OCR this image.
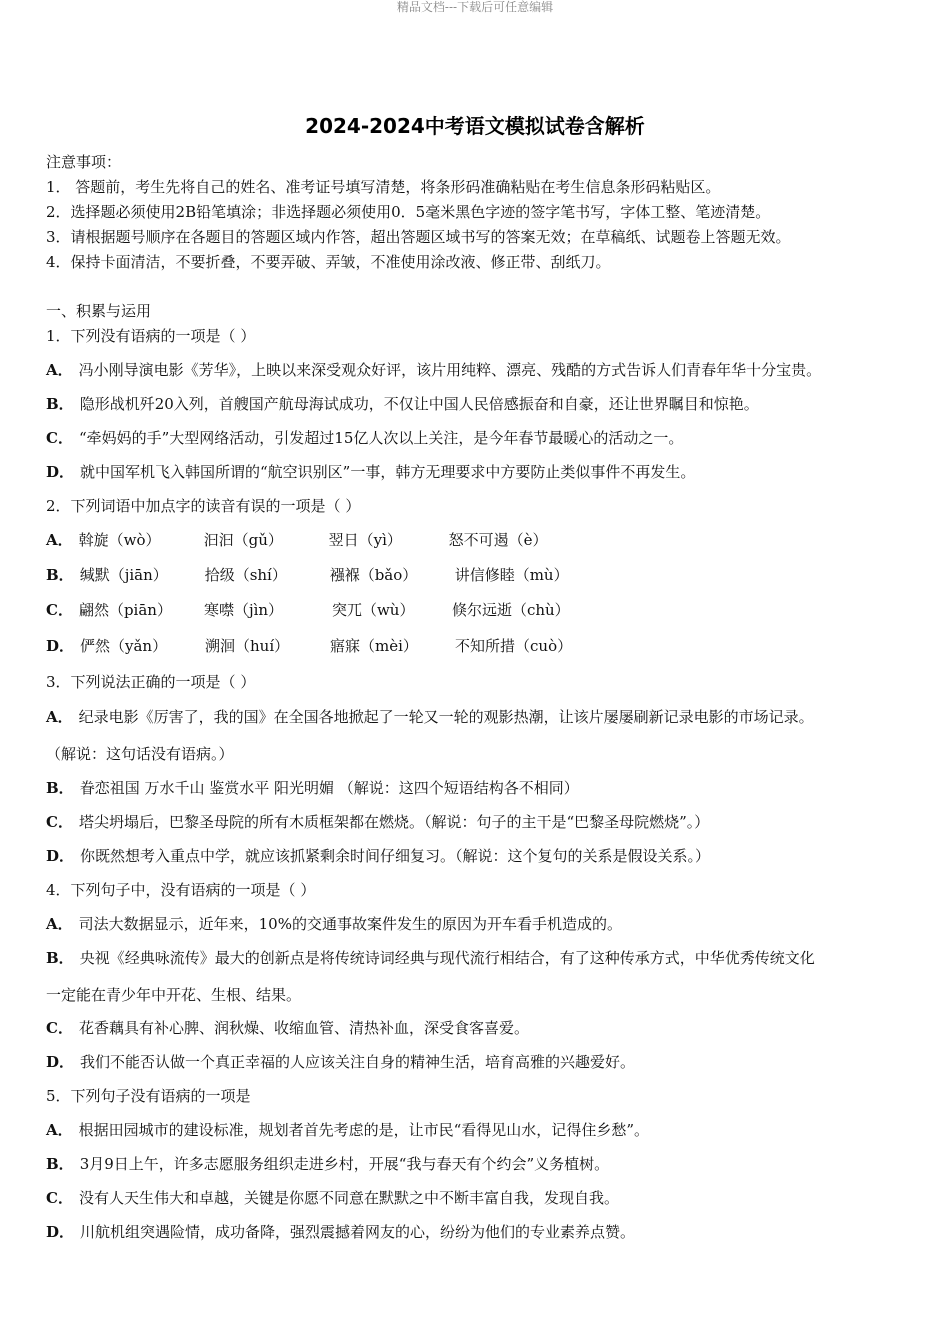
精品文档---下载后可任意编辑
2024-2024中考语文模拟试卷含解析
注意事项：
1． 答题前，考生先将自己的姓名、准考证号填写清楚，将条形码准确粘贴在考生信息条形码粘贴区。
2．选择题必须使用2B铅笔填涂；非选择题必须使用0．5毫米黑色字迹的签字笔书写，字体工整、笔迹清楚。
3．请根据题号顺序在各题目的答题区域内作答，超出答题区域书写的答案无效；在草稿纸、试题卷上答题无效。
4．保持卡面清洁，不要折叠，不要弄破、弄皱，不准使用涂改液、修正带、刮纸刀。
一、积累与运用
1．下列没有语病的一项是（ ）
A． 冯小刚导演电影《芳华》，上映以来深受观众好评，该片用纯粹、漂亮、残酷的方式告诉人们青春年华十分宝贵。
B． 隐形战机歼20入列，首艘国产航母海试成功，不仅让中国人民倍感振奋和自豪，还让世界瞩目和惊艳。
C． “牵妈妈的手”大型网络活动，引发超过15亿人次以上关注，是今年春节最暖心的活动之一。
D． 就中国军机飞入韩国所谓的“航空识别区”一事，韩方无理要求中方要防止类似事件不再发生。
2．下列词语中加点字的读音有误的一项是（ ）
A． 斡旋（wò）	汩汩（gǔ）	翌日（yì）	怒不可遏（è）
B． 缄默（jiān） 拾级（shí）	襁褓（bǎo） 讲信修睦（mù）
C． 翩然（piān） 寒噤（jìn）	突兀（wù） 倏尔远逝（chù）
D． 俨然（yǎn）	溯洄（huí）	寤寐（mèi） 不知所措（cuò）
3．下列说法正确的一项是（ ）
A． 纪录电影《厉害了，我的国》在全国各地掀起了一轮又一轮的观影热潮，让该片屡屡刷新记录电影的市场记录。
（解说：这句话没有语病。）
B． 眷恋祖国 万水千山 鉴赏水平 阳光明媚 （解说：这四个短语结构各不相同）
C． 塔尖坍塌后，巴黎圣母院的所有木质框架都在燃烧。（解说：句子的主干是“巴黎圣母院燃烧”。）
D． 你既然想考入重点中学，就应该抓紧剩余时间仔细复习。（解说：这个复句的关系是假设关系。）
4．下列句子中，没有语病的一项是（ ）
A． 司法大数据显示，近年来，10%的交通事故案件发生的原因为开车看手机造成的。
B． 央视《经典咏流传》最大的创新点是将传统诗词经典与现代流行相结合，有了这种传承方式，中华优秀传统文化
一定能在青少年中开花、生根、结果。
C． 花香藕具有补心脾、润秋燥、收缩血管、清热补血，深受食客喜爱。
D． 我们不能否认做一个真正幸福的人应该关注自身的精神生活，培育高雅的兴趣爱好。
5．下列句子没有语病的一项是
A． 根据田园城市的建设标准，规划者首先考虑的是，让市民“看得见山水，记得住乡愁”。
B． 3月9日上午，许多志愿服务组织走进乡村，开展“我与春天有个约会”义务植树。
C． 没有人天生伟大和卓越，关键是你愿不同意在默默之中不断丰富自我，发现自我。
D． 川航机组突遇险情，成功备降，强烈震撼着网友的心，纷纷为他们的专业素养点赞。
